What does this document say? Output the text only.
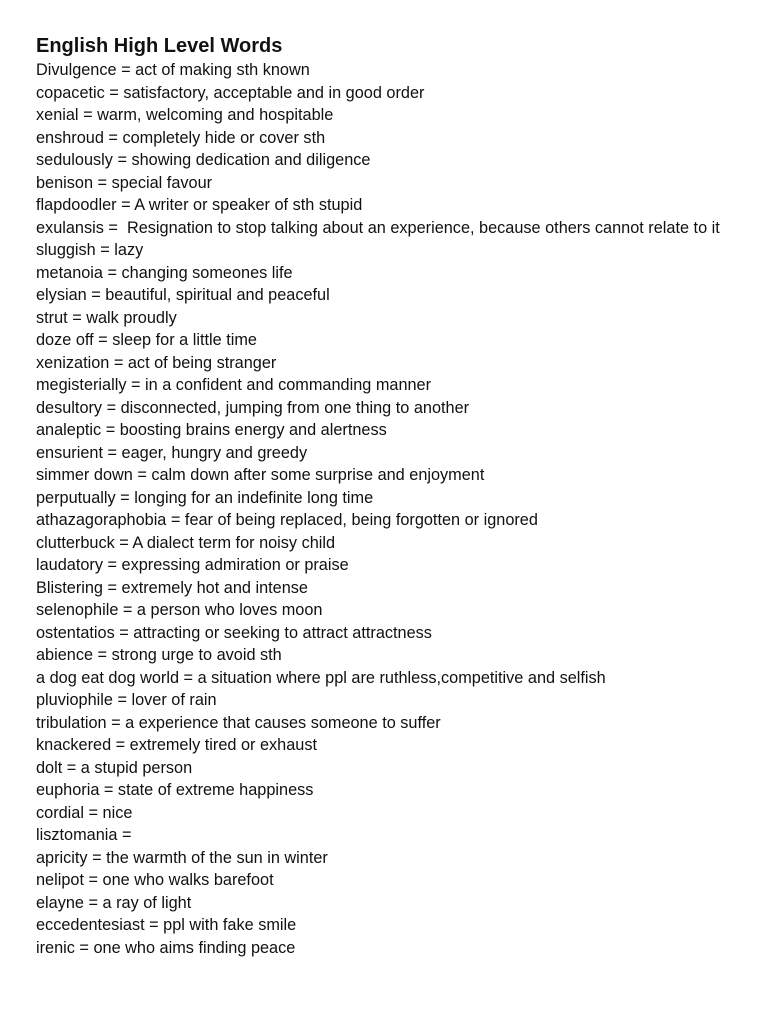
English High Level Words
Divulgence = act of making sth known
copacetic = satisfactory, acceptable and in good order
xenial = warm, welcoming and hospitable
enshroud = completely hide or cover sth
sedulously = showing dedication and diligence
benison = special favour
flapdoodler = A writer or speaker of sth stupid
exulansis =  Resignation to stop talking about an experience, because others cannot relate to it
sluggish = lazy
metanoia = changing someones life
elysian = beautiful, spiritual and peaceful
strut = walk proudly
doze off = sleep for a little time
xenization = act of being stranger
megisterially = in a confident and commanding manner
desultory = disconnected, jumping from one thing to another
analeptic = boosting brains energy and alertness
ensurient = eager, hungry and greedy
simmer down = calm down after some surprise and enjoyment
perputually = longing for an indefinite long time
athazagoraphobia = fear of being replaced, being forgotten or ignored
clutterbuck = A dialect term for noisy child
laudatory = expressing admiration or praise
Blistering = extremely hot and intense
selenophile = a person who loves moon
ostentatios = attracting or seeking to attract attractness
abience = strong urge to avoid sth
a dog eat dog world = a situation where ppl are ruthless,competitive and selfish
pluviophile = lover of rain
tribulation = a experience that causes someone to suffer
knackered = extremely tired or exhaust
dolt = a stupid person
euphoria = state of extreme happiness
cordial = nice
lisztomania =
apricity = the warmth of the sun in winter
nelipot = one who walks barefoot
elayne = a ray of light
eccedentesiast = ppl with fake smile
irenic = one who aims finding peace
